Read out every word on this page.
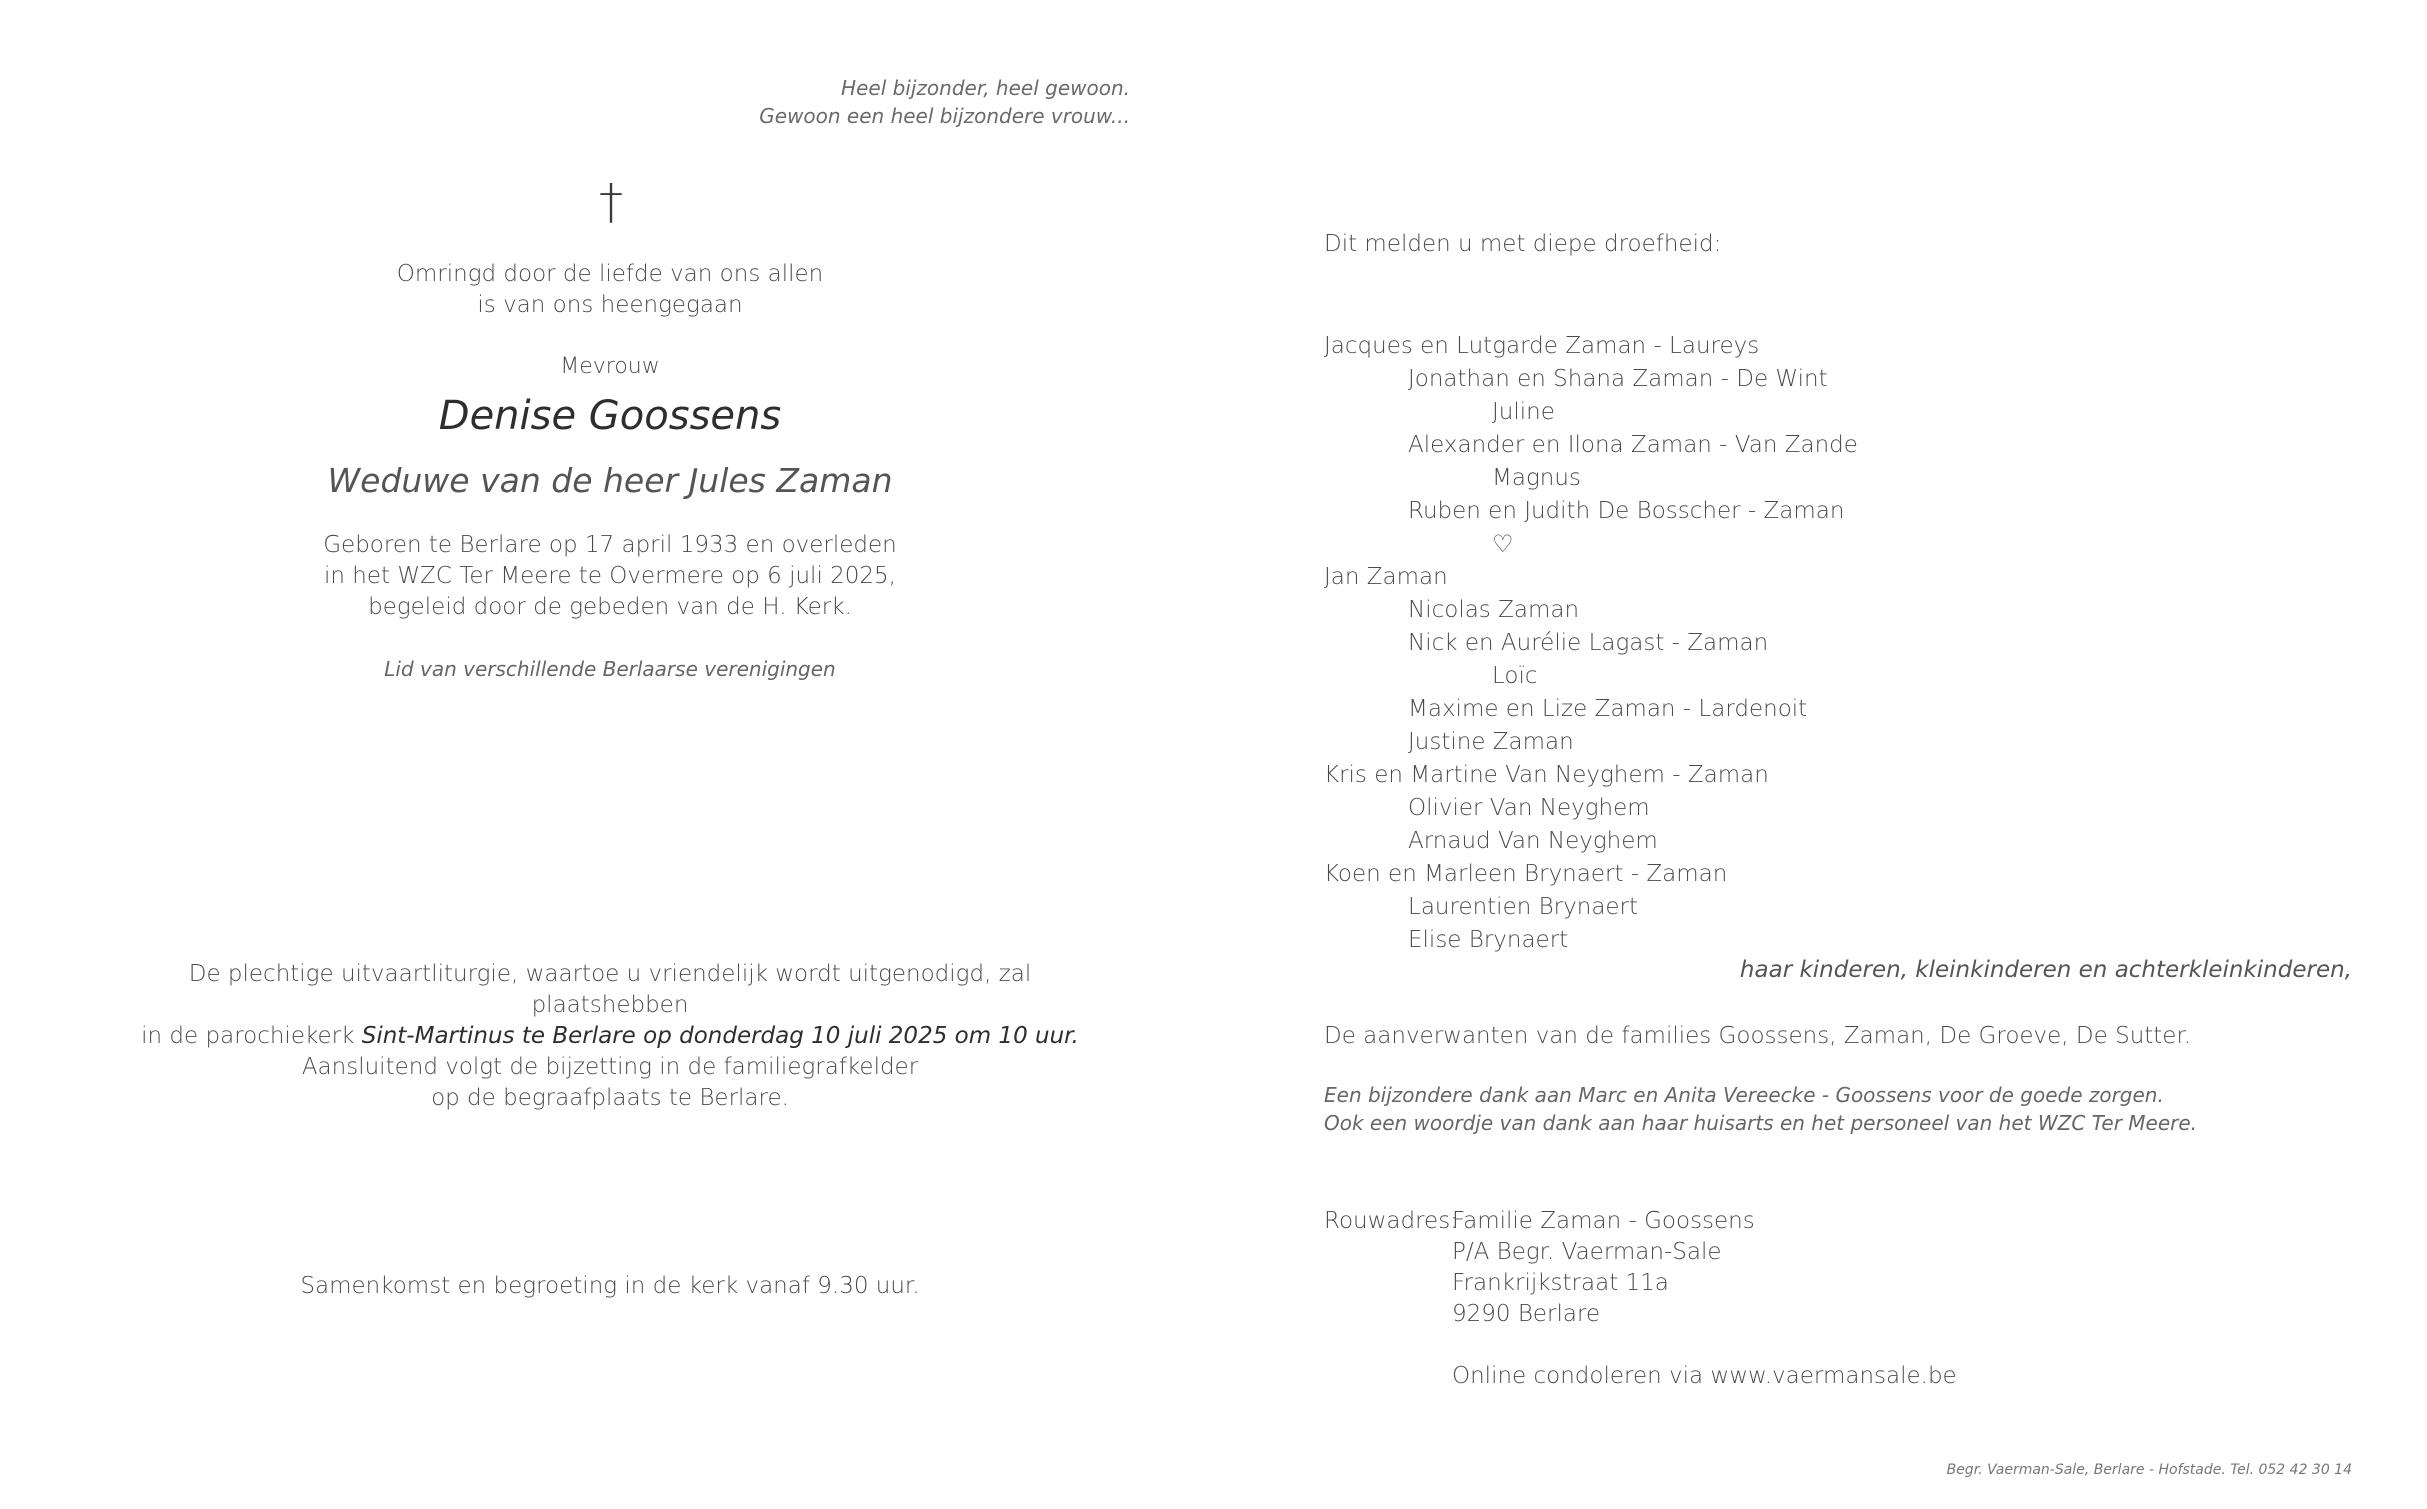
Heel bijzonder, heel gewoon.
Gewoon een heel bijzondere vrouw...
†
Omringd door de liefde van ons allen
is van ons heengegaan
Mevrouw
Denise Goossens
Weduwe van de heer Jules Zaman
Geboren te Berlare op 17 april 1933 en overleden
in het WZC Ter Meere te Overmere op 6 juli 2025,
begeleid door de gebeden van de H. Kerk.
Lid van verschillende Berlaarse verenigingen
De plechtige uitvaartliturgie, waartoe u vriendelijk wordt uitgenodigd, zal plaatshebben
in de parochiekerk Sint-Martinus te Berlare op donderdag 10 juli 2025 om 10 uur.
Aansluitend volgt de bijzetting in de familiegrafkelder
op de begraafplaats te Berlare.
Samenkomst en begroeting in de kerk vanaf 9.30 uur.
Dit melden u met diepe droefheid:
Jacques en Lutgarde Zaman - Laureys
Jonathan en Shana Zaman - De Wint
Juline
Alexander en Ilona Zaman - Van Zande
Magnus
Ruben en Judith De Bosscher - Zaman
♡
Jan Zaman
Nicolas Zaman
Nick en Aurélie Lagast - Zaman
Loïc
Maxime en Lize Zaman - Lardenoit
Justine Zaman
Kris en Martine Van Neyghem - Zaman
Olivier Van Neyghem
Arnaud Van Neyghem
Koen en Marleen Brynaert - Zaman
Laurentien Brynaert
Elise Brynaert
haar kinderen, kleinkinderen en achterkleinkinderen,
De aanverwanten van de families Goossens, Zaman, De Groeve, De Sutter.
Een bijzondere dank aan Marc en Anita Vereecke - Goossens voor de goede zorgen.
Ook een woordje van dank aan haar huisarts en het personeel van het WZC Ter Meere.
Rouwadres:
Familie Zaman - Goossens
P/A Begr. Vaerman-Sale
Frankrijkstraat 11a
9290 Berlare
Online condoleren via www.vaermansale.be
Begr. Vaerman-Sale, Berlare - Hofstade. Tel. 052 42 30 14
